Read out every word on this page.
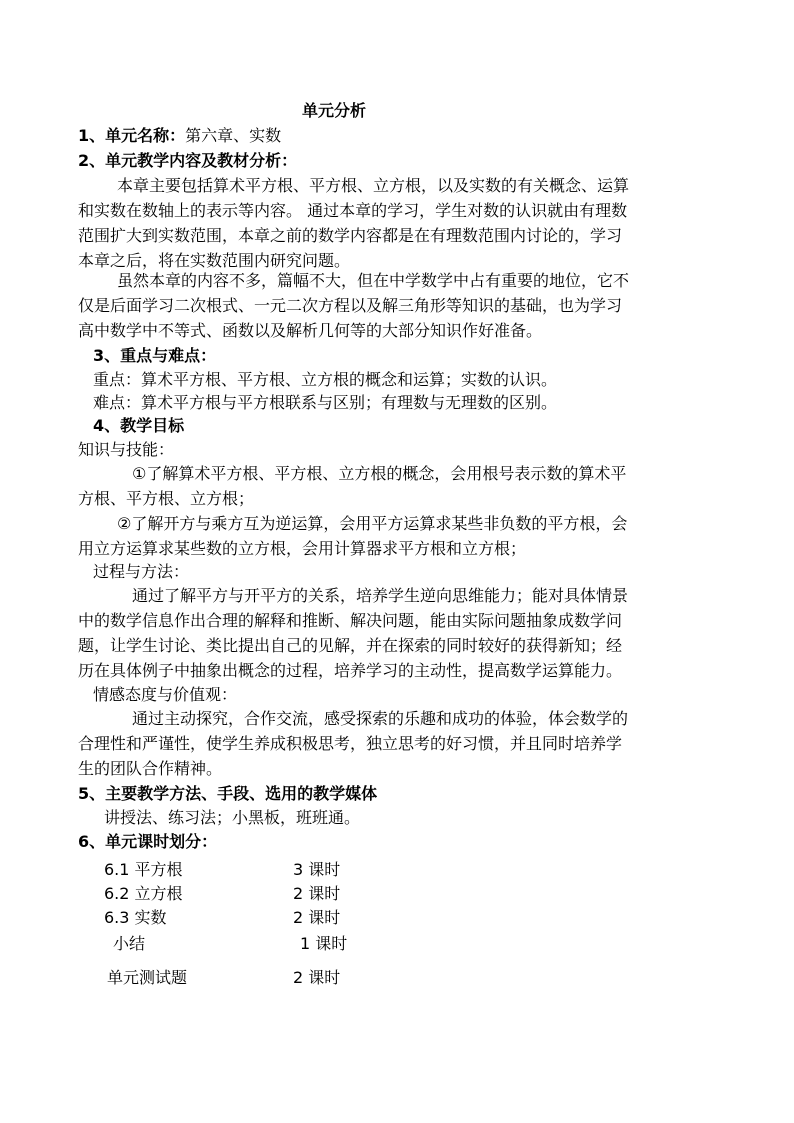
单元分析
1、单元名称：第六章、实数
2、单元教学内容及教材分析：
本章主要包括算术平方根、平方根、立方根，以及实数的有关概念、运算
和实数在数轴上的表示等内容。 通过本章的学习，学生对数的认识就由有理数
范围扩大到实数范围，本章之前的数学内容都是在有理数范围内讨论的，学习
本章之后，将在实数范围内研究问题。
虽然本章的内容不多，篇幅不大，但在中学数学中占有重要的地位，它不
仅是后面学习二次根式、一元二次方程以及解三角形等知识的基础，也为学习
高中数学中不等式、函数以及解析几何等的大部分知识作好准备。
3、重点与难点：
重点：算术平方根、平方根、立方根的概念和运算；实数的认识。
难点：算术平方根与平方根联系与区别；有理数与无理数的区别。
4、教学目标
知识与技能：
①了解算术平方根、平方根、立方根的概念，会用根号表示数的算术平
方根、平方根、立方根；
②了解开方与乘方互为逆运算，会用平方运算求某些非负数的平方根，会
用立方运算求某些数的立方根，会用计算器求平方根和立方根；
过程与方法：
通过了解平方与开平方的关系，培养学生逆向思维能力；能对具体情景
中的数学信息作出合理的解释和推断、解决问题，能由实际问题抽象成数学问
题，让学生讨论、类比提出自己的见解，并在探索的同时较好的获得新知；经
历在具体例子中抽象出概念的过程，培养学习的主动性，提高数学运算能力。
情感态度与价值观：
通过主动探究，合作交流，感受探索的乐趣和成功的体验，体会数学的
合理性和严谨性，使学生养成积极思考，独立思考的好习惯，并且同时培养学
生的团队合作精神。
5、主要教学方法、手段、选用的教学媒体
讲授法、练习法；小黑板，班班通。
6、单元课时划分：
6.1 平方根	3 课时
6.2 立方根	2 课时
6.3 实数	2 课时
小结	1 课时
单元测试题	2 课时
